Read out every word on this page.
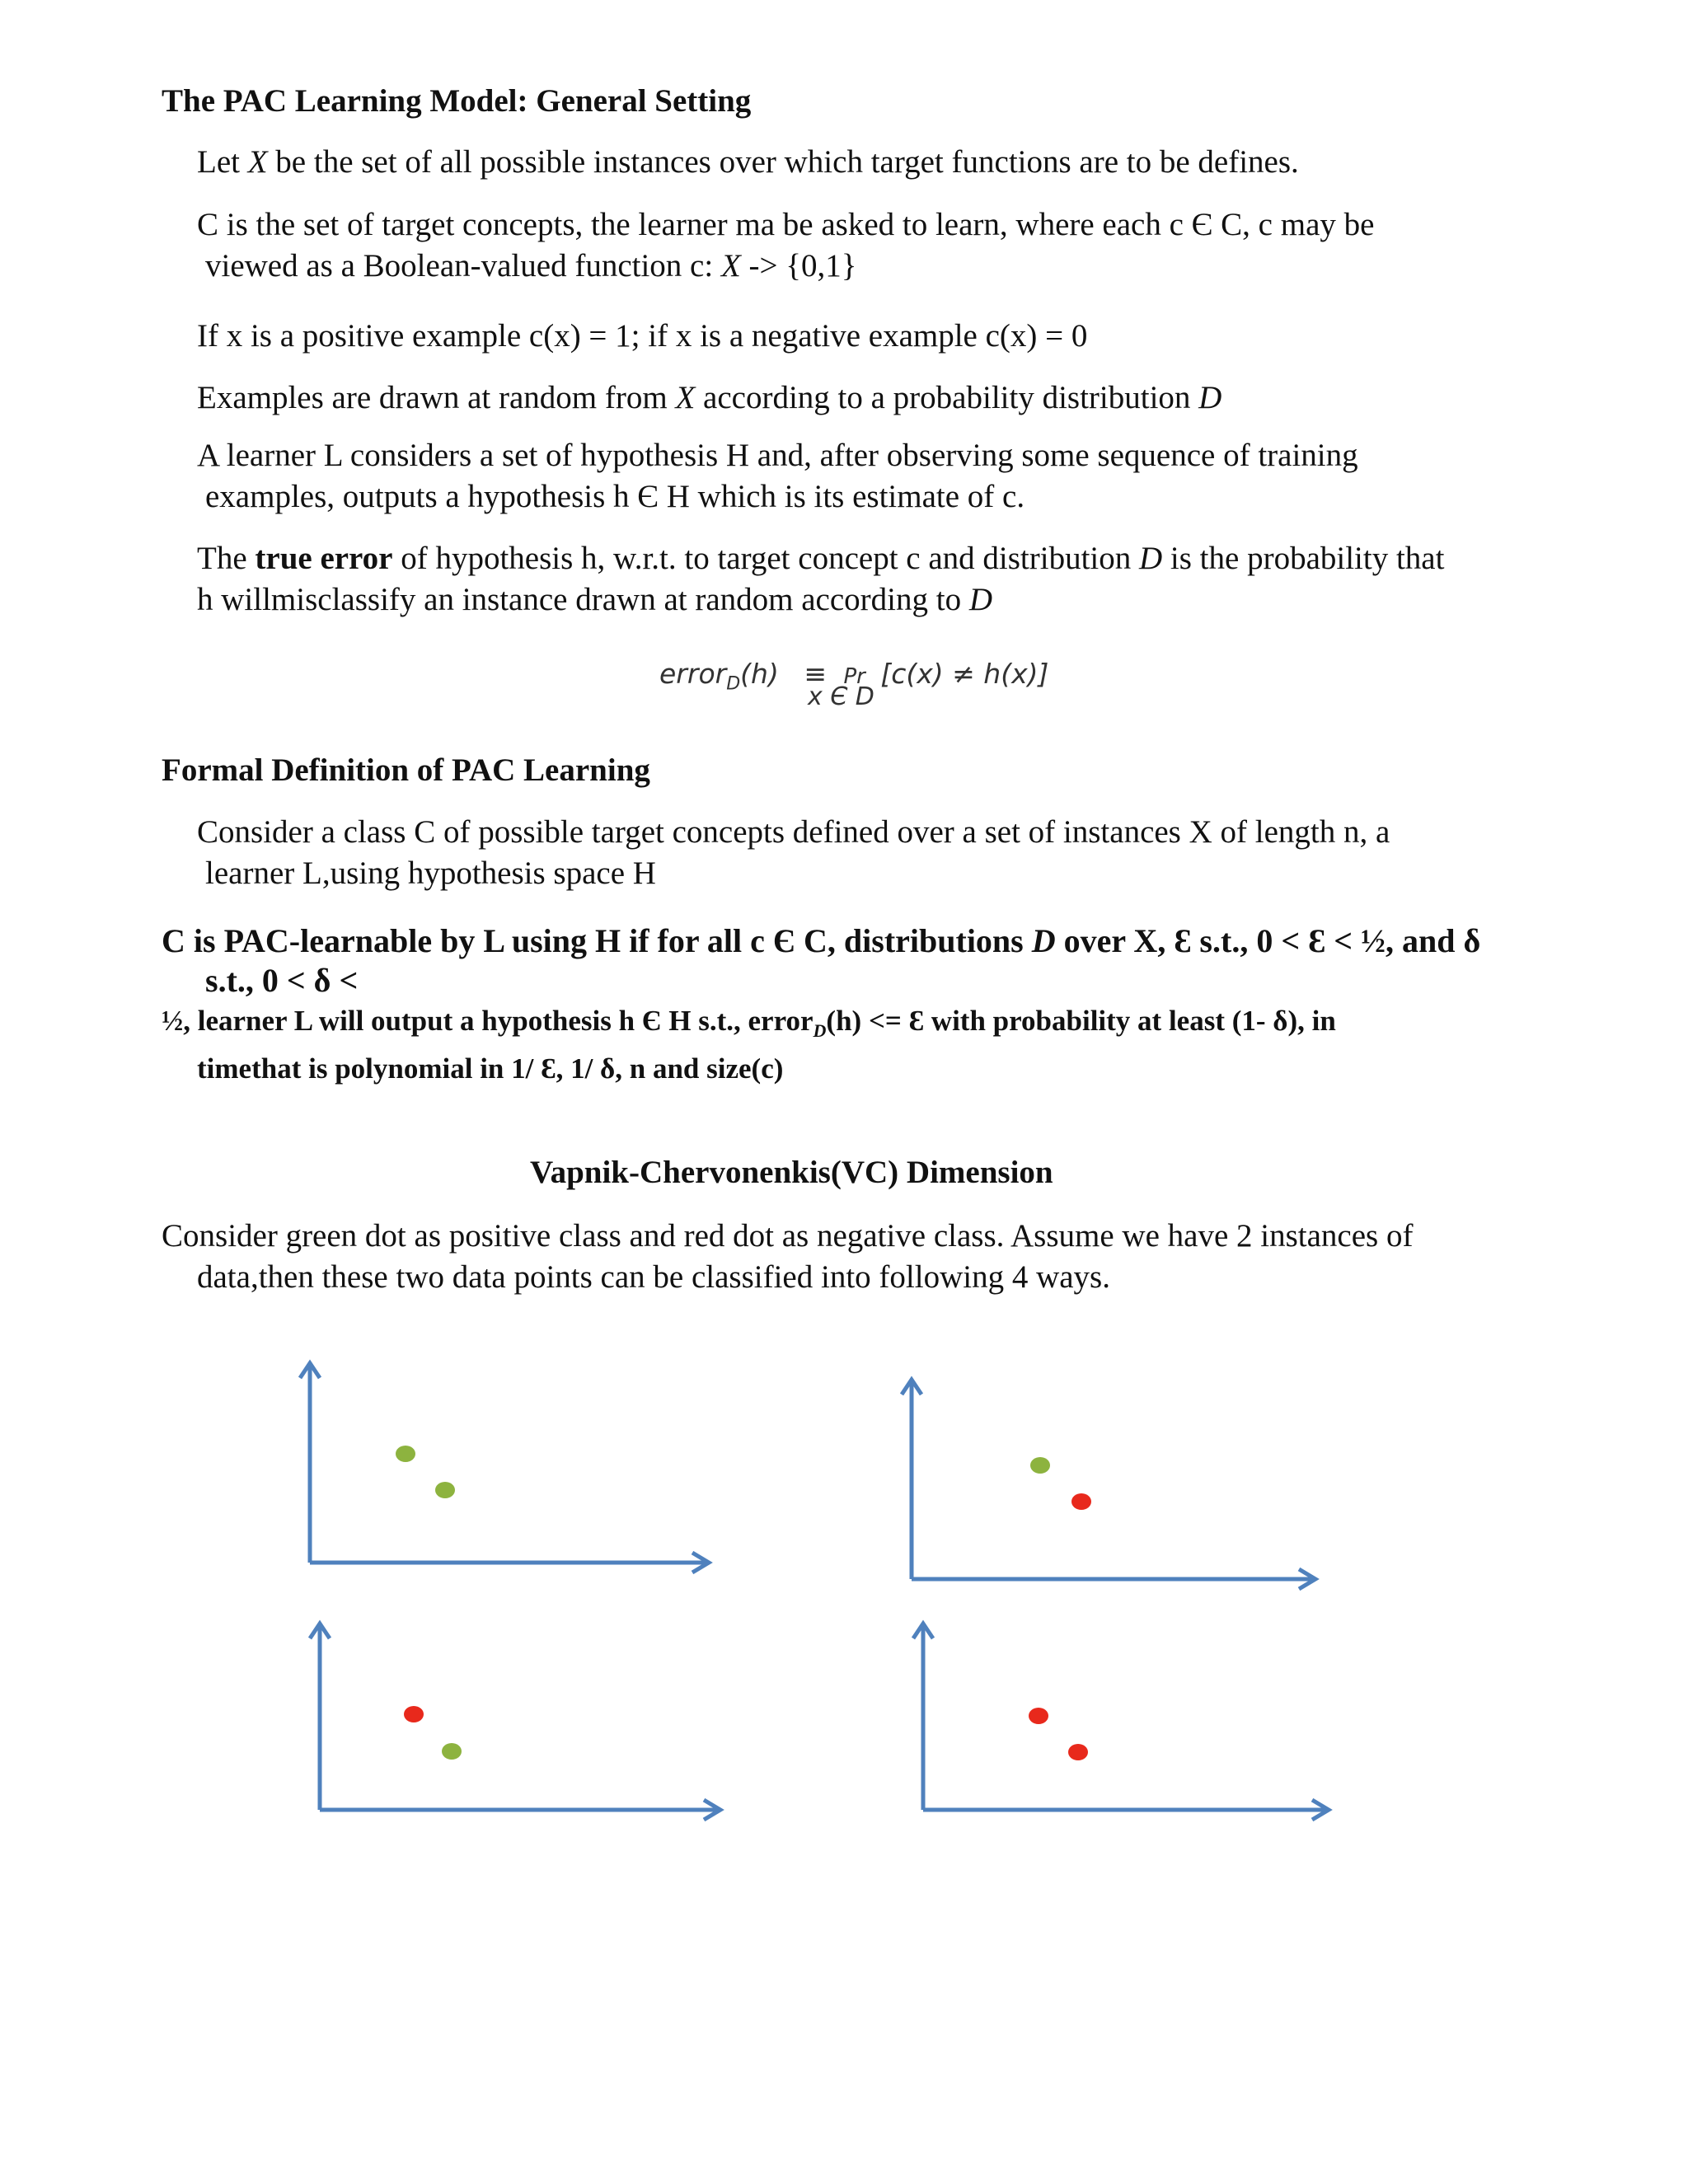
The PAC Learning Model: General Setting
Let X be the set of all possible instances over which target functions are to be defines.
C is the set of target concepts, the learner ma be asked to learn, where each c Є C, c may be
viewed as a Boolean-valued function c: X -> {0,1}
If x is a positive example c(x) = 1; if x is a negative example c(x) = 0
Examples are drawn at random from X according to a probability distribution D
A learner L considers a set of hypothesis H and, after observing some sequence of training
examples, outputs a hypothesis h Є H which is its estimate of c.
The true error of hypothesis h, w.r.t. to target concept c and distribution D is the probability that
h willmisclassify an instance drawn at random according to D
error$_D$(h) ≡ Pr [c(x) ≠ h(x)]
x Є D
Formal Definition of PAC Learning
Consider a class C of possible target concepts defined over a set of instances X of length n, a
learner L,using hypothesis space H
C is PAC-learnable by L using H if for all c Є C, distributions D over X, Ɛ s.t., 0 < Ɛ < ½, and δ
s.t., 0 < δ <
½, learner L will output a hypothesis h Є H s.t., error$_D$(h) <= Ɛ with probability at least (1- δ), in
timethat is polynomial in 1/ Ɛ, 1/ δ, n and size(c)
Vapnik-Chervonenkis(VC) Dimension
Consider green dot as positive class and red dot as negative class. Assume we have 2 instances of
data,then these two data points can be classified into following 4 ways.
